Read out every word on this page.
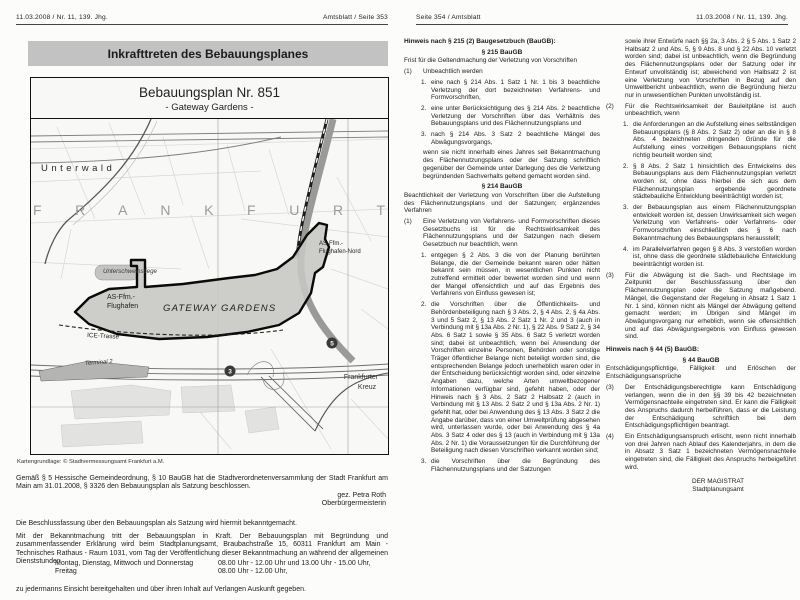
11.03.2008 / Nr. 11, 139. Jhg.	Amtsblatt / Seite 353
Inkrafttreten des Bebauungsplanes
Bebauungsplan Nr. 851
- Gateway Gardens -
Unterwald
F R A N K F U R T
Unterschweinstiege
AS-Ffm.-
Flughafen-Nord
AS-Ffm.-
Flughafen	GATEWAY GARDENS
ICE-Trasse
Terminal 2
Frankfurter
Kreuz
3
5
Kartengrundlage: © Stadtvermessungsamt Frankfurt a.M.

Gemäß § 5 Hessische Gemeindeordnung, § 10 BauGB hat die Stadtverordnetenversammlung der Stadt Frankfurt am Main am 31.01.2008, § 3326 den Bebauungsplan als Satzung beschlossen.

gez. Petra Roth
Oberbürgermeisterin

Die Beschlussfassung über den Bebauungsplan als Satzung wird hiermit bekanntgemacht.

Mit der Bekanntmachung tritt der Bebauungsplan in Kraft. Der Bebauungsplan mit Begründung und zusammenfassender Erklärung wird beim Stadtplanungsamt, Braubachstraße 15, 60311 Frankfurt am Main - Technisches Rathaus - Raum 1031, vom Tag der Veröffentlichung dieser Bekanntmachung an während der allgemeinen Dienststunden

Montag, Dienstag, Mittwoch und Donnerstag	08.00 Uhr - 12.00 Uhr und 13.00 Uhr - 15.00 Uhr,
Freitag	08.00 Uhr - 12.00 Uhr,

zu jedermanns Einsicht bereitgehalten und über ihren Inhalt auf Verlangen Auskunft gegeben.

Seite 354 / Amtsblatt	11.03.2008 / Nr. 11, 139. Jhg.
Hinweis nach § 215 (2) Baugesetzbuch (BauGB):
§ 215 BauGB
Frist für die Geltendmachung der Verletzung von Vorschriften
(1)	Unbeachtlich werden
1. eine nach § 214 Abs. 1 Satz 1 Nr. 1 bis 3 beachtliche Verletzung der dort bezeichneten Verfahrens- und Formvorschriften,
2. eine unter Berücksichtigung des § 214 Abs. 2 beachtliche Verletzung der Vorschriften über das Verhältnis des Bebauungsplans und des Flächennutzungsplans und
3. nach § 214 Abs. 3 Satz 2 beachtliche Mängel des Abwägungsvorgangs,
wenn sie nicht innerhalb eines Jahres seit Bekanntmachung des Flächennutzungsplans oder der Satzung schriftlich gegenüber der Gemeinde unter Darlegung des die Verletzung begründenden Sachverhalts geltend gemacht worden sind.
§ 214 BauGB
Beachtlichkeit der Verletzung von Vorschriften über die Aufstellung des Flächennutzungsplans und der Satzungen; ergänzendes Verfahren
(1)	Eine Verletzung von Verfahrens- und Formvorschriften dieses Gesetzbuchs ist für die Rechtswirksamkeit des Flächennutzungsplans und der Satzungen nach diesem Gesetzbuch nur beachtlich, wenn
1. entgegen § 2 Abs. 3 die von der Planung berührten Belange, die der Gemeinde bekannt waren oder hätten bekannt sein müssen, in wesentlichen Punkten nicht zutreffend ermittelt oder bewertet worden sind und wenn der Mangel offensichtlich und auf das Ergebnis des Verfahrens von Einfluss gewesen ist;
2. die Vorschriften über die Öffentlichkeits- und Behördenbeteiligung nach § 3 Abs. 2, § 4 Abs. 2, § 4a Abs. 3 und 5 Satz 2, § 13 Abs. 2 Satz 1 Nr. 2 und 3 (auch in Verbindung mit § 13a Abs. 2 Nr. 1), § 22 Abs. 9 Satz 2, § 34 Abs. 6 Satz 1 sowie § 35 Abs. 6 Satz 5 verletzt worden sind; dabei ist unbeachtlich, wenn bei Anwendung der Vorschriften einzelne Personen, Behörden oder sonstige Träger öffentlicher Belange nicht beteiligt worden sind, die entsprechenden Belange jedoch unerheblich waren oder in der Entscheidung berücksichtigt worden sind, oder einzelne Angaben dazu, welche Arten umweltbezogener Informationen verfügbar sind, gefehlt haben, oder der Hinweis nach § 3 Abs. 2 Satz 2 Halbsatz 2 (auch in Verbindung mit § 13 Abs. 2 Satz 2 und § 13a Abs. 2 Nr. 1) gefehlt hat, oder bei Anwendung des § 13 Abs. 3 Satz 2 die Angabe darüber, dass von einer Umweltprüfung abgesehen wird, unterlassen wurde, oder bei Anwendung des § 4a Abs. 3 Satz 4 oder des § 13 (auch in Verbindung mit § 13a Abs. 2 Nr. 1) die Voraussetzungen für die Durchführung der Beteiligung nach diesen Vorschriften verkannt worden sind;
3. die Vorschriften über die Begründung des Flächennutzungsplans und der Satzungen
sowie ihrer Entwürfe nach §§ 2a, 3 Abs. 2 § 5 Abs. 1 Satz 2 Halbsatz 2 und Abs. 5, § 9 Abs. 8 und § 22 Abs. 10 verletzt worden sind; dabei ist unbeachtlich, wenn die Begründung des Flächennutzungsplans oder der Satzung oder ihr Entwurf unvollständig ist; abweichend von Halbsatz 2 ist eine Verletzung von Vorschriften in Bezug auf den Umweltbericht unbeachtlich, wenn die Begründung hierzu nur in unwesentlichen Punkten unvollständig ist.
(2)	Für die Rechtswirksamkeit der Bauleitpläne ist auch unbeachtlich, wenn
1. die Anforderungen an die Aufstellung eines selbständigen Bebauungsplans (§ 8 Abs. 2 Satz 2) oder an die in § 8 Abs. 4 bezeichneten dringenden Gründe für die Aufstellung eines vorzeitigen Bebauungsplans nicht richtig beurteilt worden sind;
2. § 8 Abs. 2 Satz 1 hinsichtlich des Entwickelns des Bebauungsplans aus dem Flächennutzungsplan verletzt worden ist, ohne dass hierbei die sich aus dem Flächennutzungsplan ergebende geordnete städtebauliche Entwicklung beeinträchtigt worden ist;
3. der Bebauungsplan aus einem Flächennutzungsplan entwickelt worden ist, dessen Unwirksamkeit sich wegen Verletzung von Verfahrens- oder Verfahrens- oder Formvorschriften einschließlich des § 6 nach Bekanntmachung des Bebauungsplans herausstellt;
4. im Parallelverfahren gegen § 8 Abs. 3 verstoßen worden ist, ohne dass die geordnete städtebauliche Entwicklung beeinträchtigt worden ist.
(3)	Für die Abwägung ist die Sach- und Rechtslage im Zeitpunkt der Beschlussfassung über den Flächennutzungsplan oder die Satzung maßgebend. Mängel, die Gegenstand der Regelung in Absatz 1 Satz 1 Nr. 1 sind, können nicht als Mängel der Abwägung geltend gemacht werden; im Übrigen sind Mängel im Abwägungsvorgang nur erheblich, wenn sie offensichtlich und auf das Abwägungsergebnis von Einfluss gewesen sind.
Hinweis nach § 44 (5) BauGB:
§ 44 BauGB
Entschädigungspflichtige, Fälligkeit und Erlöschen der Entschädigungsansprüche
(3)	Der Entschädigungsberechtigte kann Entschädigung verlangen, wenn die in den §§ 39 bis 42 bezeichneten Vermögensnachteile eingetreten sind. Er kann die Fälligkeit des Anspruchs dadurch herbeiführen, dass er die Leistung der Entschädigung schriftlich bei dem Entschädigungspflichtigen beantragt.
(4)	Ein Entschädigungsanspruch erlischt, wenn nicht innerhalb von drei Jahren nach Ablauf des Kalenderjahrs, in dem die in Absatz 3 Satz 1 bezeichneten Vermögensnachteile eingetreten sind, die Fälligkeit des Anspruchs herbeigeführt wird.
DER MAGISTRAT
Stadtplanungsamt
